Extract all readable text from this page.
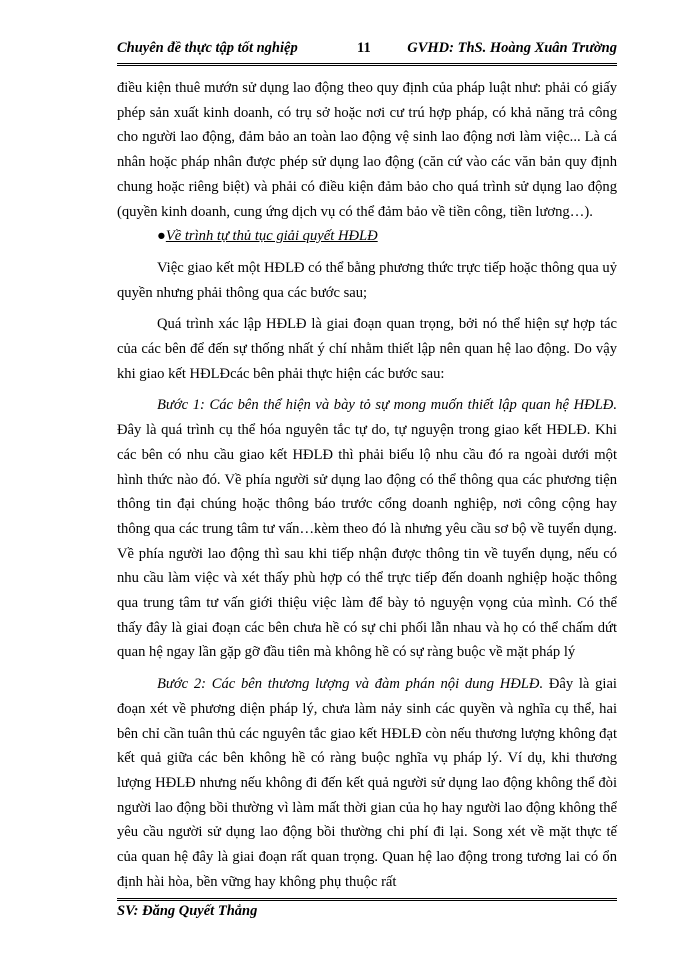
Chuyên đề thực tập tốt nghiệp	11	GVHD: ThS. Hoàng Xuân Trường

điều kiện thuê mướn sử dụng lao động theo quy định của pháp luật như: phải có giấy phép sản xuất kinh doanh, có trụ sở hoặc nơi cư trú hợp pháp, có khả năng trả công cho người lao động, đảm bảo an toàn lao động vệ sinh lao động nơi làm việc... Là cá nhân hoặc pháp nhân được phép sử dụng lao động (căn cứ vào các văn bản quy định chung hoặc riêng biệt) và phải có điều kiện đảm bảo cho quá trình sử dụng lao động (quyền kinh doanh, cung ứng dịch vụ có thể đảm bảo về tiền công, tiền lương…).

●Về trình tự thủ tục giải quyết HĐLĐ

Việc giao kết một HĐLĐ có thể bằng phương thức trực tiếp hoặc thông qua uỷ quyền nhưng phải thông qua các bước sau;

Quá trình xác lập HĐLĐ là giai đoạn quan trọng, bởi nó thể hiện sự hợp tác của các bên để đến sự thống nhất ý chí nhằm thiết lập nên quan hệ lao động. Do vậy khi giao kết HĐLĐcác bên phải thực hiện các bước sau:

Bước 1: Các bên thể hiện và bày tỏ sự mong muốn thiết lập quan hệ HĐLĐ. Đây là quá trình cụ thể hóa nguyên tắc tự do, tự nguyện trong giao kết HĐLĐ. Khi các bên có nhu cầu giao kết HĐLĐ thì phải biểu lộ nhu cầu đó ra ngoài dưới một hình thức nào đó. Về phía người sử dụng lao động có thể thông qua các phương tiện thông tin đại chúng hoặc thông báo trước cổng doanh nghiệp, nơi công cộng hay thông qua các trung tâm tư vấn…kèm theo đó là nhưng yêu cầu sơ bộ về tuyển dụng. Về phía người lao động thì sau khi tiếp nhận được thông tin về tuyển dụng, nếu có nhu cầu làm việc và xét thấy phù hợp có thể trực tiếp đến doanh nghiệp hoặc thông qua trung tâm tư vấn giới thiệu việc làm để bày tỏ nguyện vọng của mình. Có thể thấy đây là giai đoạn các bên chưa hề có sự chi phối lẫn nhau và họ có thể chấm dứt quan hệ ngay lần gặp gỡ đầu tiên mà không hề có sự ràng buộc về mặt pháp lý

Bước 2: Các bên thương lượng và đàm phán nội dung HĐLĐ. Đây là giai đoạn xét về phương diện pháp lý, chưa làm nảy sinh các quyền và nghĩa cụ thể, hai bên chỉ cần tuân thủ các nguyên tắc giao kết HĐLĐ còn nếu thương lượng không đạt kết quả giữa các bên không hề có ràng buộc nghĩa vụ pháp lý. Ví dụ, khi thương lượng HĐLĐ nhưng nếu không đi đến kết quả người sử dụng lao động không thể đòi người lao động bồi thường vì làm mất thời gian của họ hay người lao động không thể yêu cầu người sử dụng lao động bồi thường chi phí đi lại. Song xét về mặt thực tế của quan hệ đây là giai đoạn rất quan trọng. Quan hệ lao động trong tương lai có ổn định hài hòa, bền vững hay không phụ thuộc rất

SV: Đăng Quyết Thắng
